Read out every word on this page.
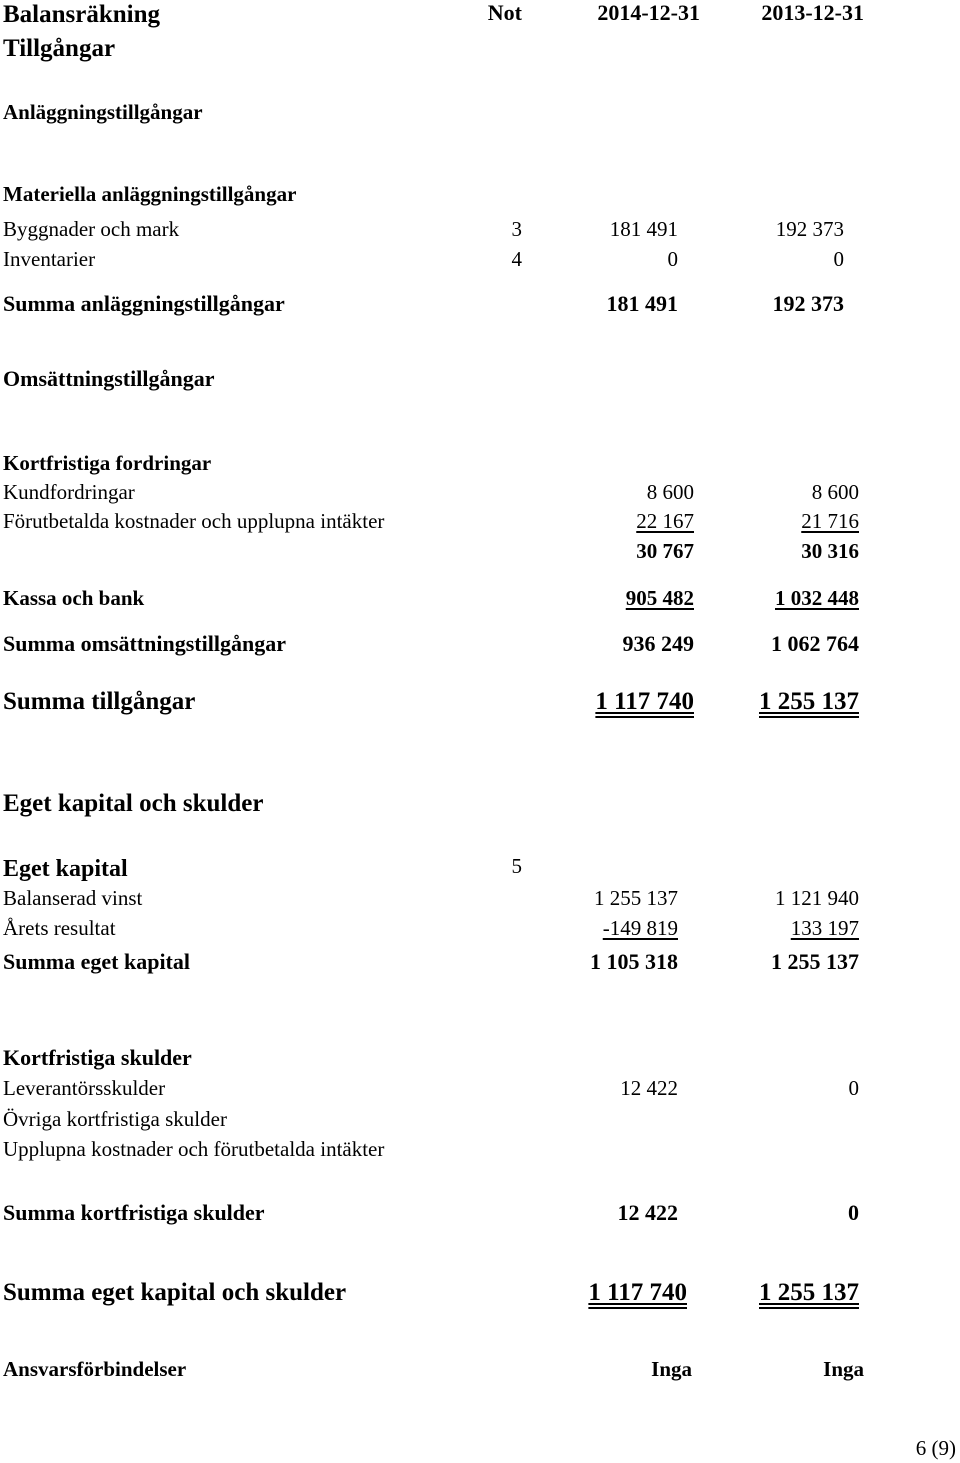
Balansräkning	Not	2014-12-31	2013-12-31
Tillgångar
Anläggningstillgångar
Materiella anläggningstillgångar
Byggnader och mark	3	181 491	192 373
Inventarier	4	0	0
Summa anläggningstillgångar	181 491	192 373
Omsättningstillgångar
Kortfristiga fordringar
Kundfordringar	8 600	8 600
Förutbetalda kostnader och upplupna intäkter	22 167	21 716
30 767	30 316
Kassa och bank	905 482	1 032 448
Summa omsättningstillgångar	936 249	1 062 764
Summa tillgångar	1 117 740	1 255 137
Eget kapital och skulder
Eget kapital	5
Balanserad vinst	1 255 137	1 121 940
Årets resultat	-149 819	133 197
Summa eget kapital	1 105 318	1 255 137
Kortfristiga skulder
Leverantörsskulder	12 422	0
Övriga kortfristiga skulder
Upplupna kostnader och förutbetalda intäkter
Summa kortfristiga skulder	12 422	0
Summa eget kapital och skulder	1 117 740	1 255 137
Ansvarsförbindelser	Inga	Inga
6 (9)
